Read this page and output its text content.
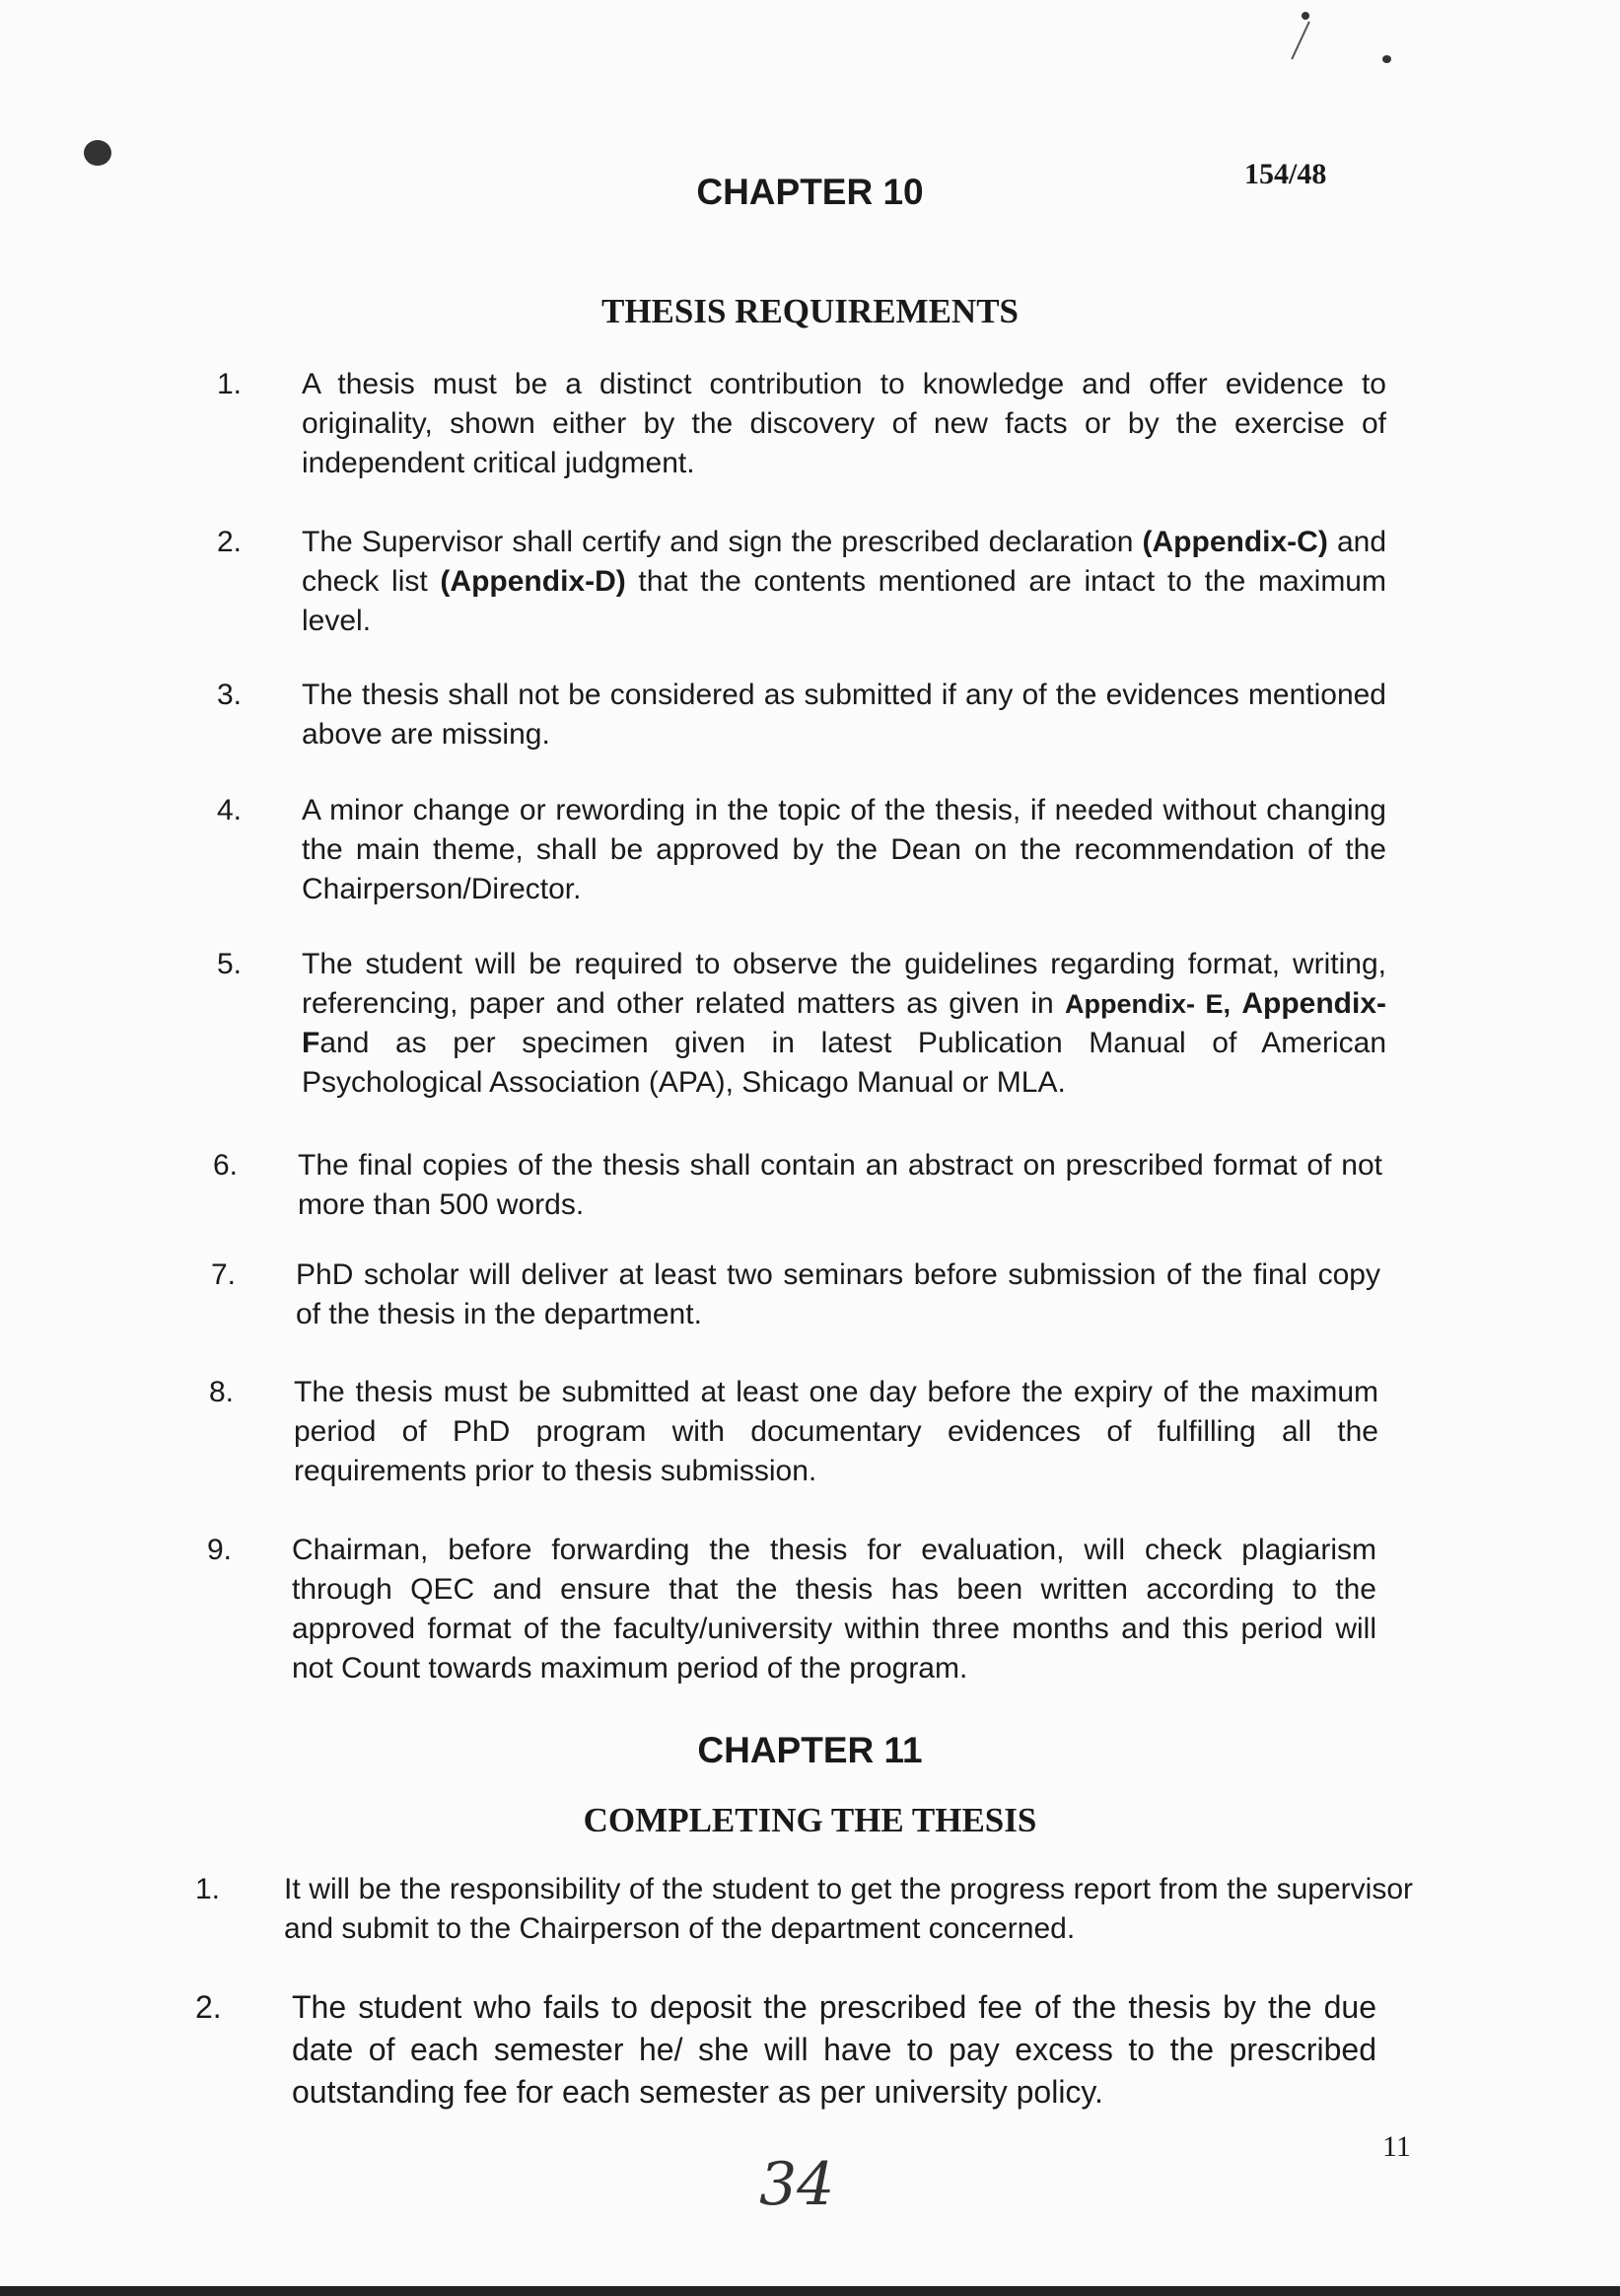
154/48
CHAPTER 10
THESIS REQUIREMENTS
1. A thesis must be a distinct contribution to knowledge and offer evidence to originality, shown either by the discovery of new facts or by the exercise of independent critical judgment.
2. The Supervisor shall certify and sign the prescribed declaration (Appendix-C) and check list (Appendix-D) that the contents mentioned are intact to the maximum level.
3. The thesis shall not be considered as submitted if any of the evidences mentioned above are missing.
4. A minor change or rewording in the topic of the thesis, if needed without changing the main theme, shall be approved by the Dean on the recommendation of the Chairperson/Director.
5. The student will be required to observe the guidelines regarding format, writing, referencing, paper and other related matters as given in Appendix- E, Appendix-Fand as per specimen given in latest Publication Manual of American Psychological Association (APA), Shicago Manual or MLA.
6. The final copies of the thesis shall contain an abstract on prescribed format of not more than 500 words.
7. PhD scholar will deliver at least two seminars before submission of the final copy of the thesis in the department.
8. The thesis must be submitted at least one day before the expiry of the maximum period of PhD program with documentary evidences of fulfilling all the requirements prior to thesis submission.
9. Chairman, before forwarding the thesis for evaluation, will check plagiarism through QEC and ensure that the thesis has been written according to the approved format of the faculty/university within three months and this period will not Count towards maximum period of the program.
CHAPTER 11
COMPLETING THE THESIS
1. It will be the responsibility of the student to get the progress report from the supervisor and submit to the Chairperson of the department concerned.
2. The student who fails to deposit the prescribed fee of the thesis by the due date of each semester he/ she will have to pay excess to the prescribed outstanding fee for each semester as per university policy.
34
11
